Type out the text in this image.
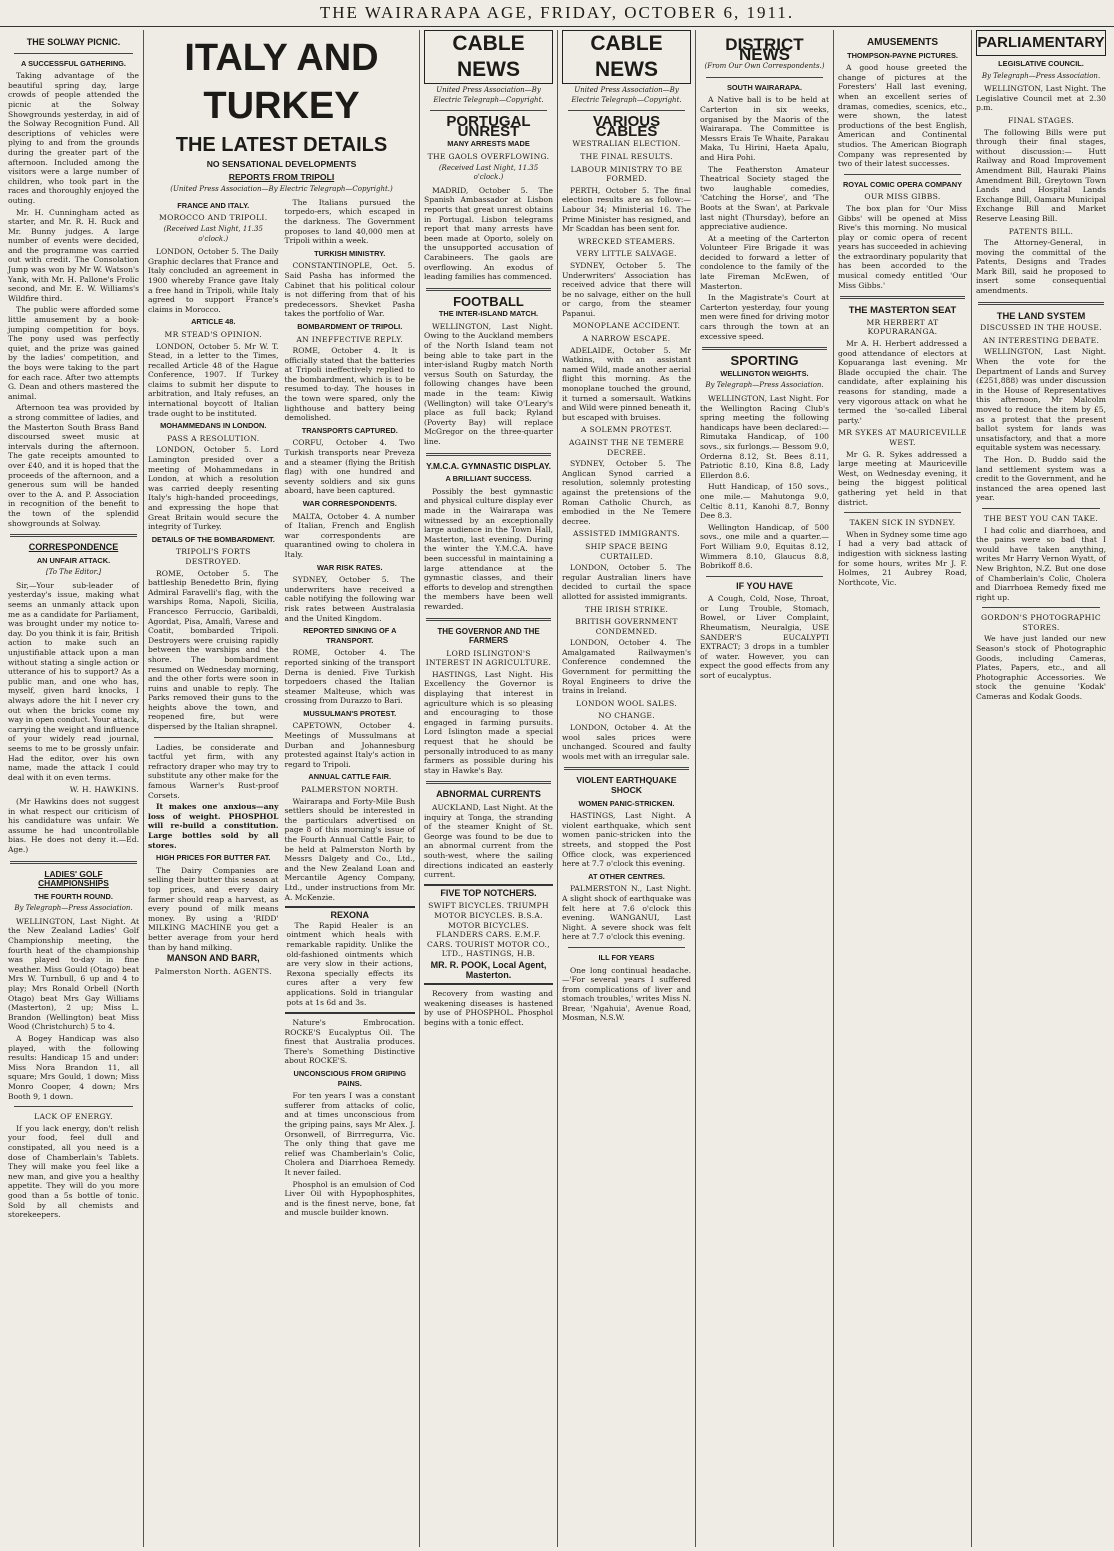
THE WAIRARAPA AGE, FRIDAY, OCTOBER 6, 1911.
THE SOLWAY PICNIC.
A SUCCESSFUL GATHERING.

Taking advantage of the beautiful spring day, large crowds of people attended the picnic at the Solway Showgrounds yesterday, in aid of the Solway Recognition Fund. All descriptions of vehicles were plying to and from the grounds during the greater part of the afternoon. Included among the visitors were a large number of children, who took part in the races and thoroughly enjoyed the outing.

Mr. H. Cunningham acted as starter, and Mr. R. H. Ruck and Mr. Bunny judges. A large number of events were decided, and the programme was carried out with credit. The Consolation Jump was won by Mr W. Watson's Yank, with Mr. H. Pallone's Frolic second, and Mr. E. W. Williams's Wildfire third.

The public were afforded some little amusement by a book-jumping competition for boys. The pony used was perfectly quiet, and the prize was gained by the ladies' competition, and the boys were taking to the part for each race. After two attempts G. Dean and others mastered the animal.

Afternoon tea was provided by a strong committee of ladies, and the Masterton South Brass Band discoursed sweet music at intervals during the afternoon. The gate receipts amounted to over £40, and it is hoped that the proceeds of the afternoon, and a generous sum will be handed over to the A. and P. Association in recognition of the benefit to the town of the splendid showgrounds at Solway.

CORRESPONDENCE
AN UNFAIR ATTACK.
[To The Editor.]

Sir,—Your sub-leader of yesterday's issue, making what seems an unmanly attack upon me as a candidate for Parliament, was brought under my notice to-day. Do you think it is fair, British action to make such an unjustifiable attack upon a man without stating a single action or utterance of his to support? As a public man, and one who has, myself, given hard knocks, I always adore the hit I never cry out when the bricks come my way in open conduct. Your attack, carrying the weight and influence of your widely read journal, seems to me to be grossly unfair. Had the editor, over his own name, made the attack I could deal with it on even terms.

W. H. HAWKINS.

(Mr Hawkins does not suggest in what respect our criticism of his candidature was unfair. We assume he had uncontrollable bias. He does not deny it.—Ed. Age.)

LADIES' GOLF CHAMPIONSHIPS
THE FOURTH ROUND.
By Telegraph—Press Association.

WELLINGTON, Last Night. At the New Zealand Ladies' Golf Championship meeting, the fourth heat of the championship was played to-day in fine weather. Miss Gould (Otago) beat Mrs W. Turnbull, 6 up and 4 to play; Mrs Ronald Orbell (North Otago) beat Mrs Gay Williams (Masterton), 2 up; Miss L. Brandon (Wellington) beat Miss Wood (Christchurch) 5 to 4.

A Bogey Handicap was also played, with the following results: Handicap 15 and under: Miss Nora Brandon 11, all square; Mrs Gould, 1 down; Miss Monro Cooper, 4 down; Mrs Booth 9, 1 down.

LACK OF ENERGY.

If you lack energy, don't relish your food, feel dull and constipated, all you need is a dose of Chamberlain's Tablets. They will make you feel like a new man, and give you a healthy appetite. They will do you more good than a 5s bottle of tonic. Sold by all chemists and storekeepers.

ITALY AND TURKEY
THE LATEST DETAILS
NO SENSATIONAL DEVELOPMENTS
REPORTS FROM TRIPOLI
(United Press Association—By Electric Telegraph—Copyright.)
FRANCE AND ITALY.
MOROCCO AND TRIPOLI.
(Received Last Night, 11.35 o'clock.)

LONDON, October 5. The Daily Graphic declares that France and Italy concluded an agreement in 1900 whereby France gave Italy a free hand in Tripoli, while Italy agreed to support France's claims in Morocco.

ARTICLE 48.
MR STEAD'S OPINION.

LONDON, October 5. Mr W. T. Stead, in a letter to the Times, recalled Article 48 of the Hague Conference, 1907. If Turkey claims to submit her dispute to arbitration, and Italy refuses, an international boycott of Italian trade ought to be instituted.

MOHAMMEDANS IN LONDON.
PASS A RESOLUTION.

LONDON, October 5. Lord Lamington presided over a meeting of Mohammedans in London, at which a resolution was carried deeply resenting Italy's high-handed proceedings, and expressing the hope that Great Britain would secure the integrity of Turkey.

DETAILS OF THE BOMBARDMENT.
TRIPOLI'S FORTS DESTROYED.

ROME, October 5. The battleship Benedetto Brin, flying Admiral Faravelli's flag, with the warships Roma, Napoli, Sicilia, Francesco Ferruccio, Garibaldi, Agordat, Pisa, Amalfi, Varese and Coatit, bombarded Tripoli. Destroyers were cruising rapidly between the warships and the shore. The bombardment resumed on Wednesday morning, and the other forts were soon in ruins and unable to reply. The Parks removed their guns to the heights above the town, and reopened fire, but were dispersed by the Italian shrapnel.

Ladies, be considerate and tactful yet firm, with any refractory draper who may try to substitute any other make for the famous Warner's Rust-proof Corsets.

It makes one anxious—any loss of weight. PHOSPHOL will re-build a constitution. Large bottles sold by all stores.

HIGH PRICES FOR BUTTER FAT.

The Dairy Companies are selling their butter this season at top prices, and every dairy farmer should reap a harvest, as every pound of milk means money. By using a 'RIDD' MILKING MACHINE you get a better average from your herd than by hand milking.

MANSON AND BARR,
Palmerston North. AGENTS.

The Italians pursued the torpedo-ers, which escaped in the darkness. The Government proposes to land 40,000 men at Tripoli within a week.

TURKISH MINISTRY.

CONSTANTINOPLE, Oct. 5. Said Pasha has informed the Cabinet that his political colour is not differing from that of his predecessors. Shevket Pasha takes the portfolio of War.

BOMBARDMENT OF TRIPOLI.
AN INEFFECTIVE REPLY.

ROME, October 4. It is officially stated that the batteries at Tripoli ineffectively replied to the bombardment, which is to be resumed to-day. The houses in the town were spared, only the lighthouse and battery being demolished.

TRANSPORTS CAPTURED.

CORFU, October 4. Two Turkish transports near Preveza and a steamer (flying the British flag) with one hundred and seventy soldiers and six guns aboard, have been captured.

WAR CORRESPONDENTS.

MALTA, October 4. A number of Italian, French and English war correspondents are quarantined owing to cholera in Italy.

WAR RISK RATES.

SYDNEY, October 5. The underwriters have received a cable notifying the following war risk rates between Australasia and the United Kingdom.

REPORTED SINKING OF A TRANSPORT.

ROME, October 4. The reported sinking of the transport Derna is denied. Five Turkish torpedoers chased the Italian steamer Malteuse, which was crossing from Durazzo to Bari.

MUSSULMAN'S PROTEST.

CAPETOWN, October 4. Meetings of Mussulmans at Durban and Johannesburg protested against Italy's action in regard to Tripoli.

ANNUAL CATTLE FAIR.
PALMERSTON NORTH.

Wairarapa and Forty-Mile Bush settlers should be interested in the particulars advertised on page 8 of this morning's issue of the Fourth Annual Cattle Fair, to be held at Palmerston North by Messrs Dalgety and Co., Ltd., and the New Zealand Loan and Mercantile Agency Company, Ltd., under instructions from Mr. A. McKenzie.

REXONA

The Rapid Healer is an ointment which heals with remarkable rapidity. Unlike the old-fashioned ointments which are very slow in their actions, Rexona specially effects its cures after a very few applications. Sold in triangular pots at 1s 6d and 3s.

Nature's Embrocation. ROCKE'S Eucalyptus Oil. The finest that Australia produces. There's Something Distinctive about ROCKE'S.

UNCONSCIOUS FROM GRIPING PAINS.

For ten years I was a constant sufferer from attacks of colic, and at times unconscious from the griping pains, says Mr Alex. J. Orsonwell, of Birrregurra, Vic. The only thing that gave me relief was Chamberlain's Colic, Cholera and Diarrhoea Remedy. It never failed.

Phosphol is an emulsion of Cod Liver Oil with Hypophosphites, and is the finest nerve, bone, fat and muscle builder known.

CABLE NEWS
United Press Association—By Electric Telegraph—Copyright.
PORTUGAL UNREST
MANY ARRESTS MADE
THE GAOLS OVERFLOWING.
(Received Last Night, 11.35 o'clock.)

MADRID, October 5. The Spanish Ambassador at Lisbon reports that great unrest obtains in Portugal. Lisbon telegrams report that many arrests have been made at Oporto, solely on the unsupported accusation of Carabineers. The gaols are overflowing. An exodus of leading families has commenced.

FOOTBALL
THE INTER-ISLAND MATCH.

WELLINGTON, Last Night. Owing to the Auckland members of the North Island team not being able to take part in the inter-island Rugby match North versus South on Saturday, the following changes have been made in the team: Kiwig (Wellington) will take O'Leary's place as full back; Ryland (Poverty Bay) will replace McGregor on the three-quarter line.

Y.M.C.A. GYMNASTIC DISPLAY.
A BRILLIANT SUCCESS.

Possibly the best gymnastic and physical culture display ever made in the Wairarapa was witnessed by an exceptionally large audience in the Town Hall, Masterton, last evening. During the winter the Y.M.C.A. have been successful in maintaining a large attendance at the gymnastic classes, and their efforts to develop and strengthen the members have been well rewarded.

THE GOVERNOR AND THE FARMERS
LORD ISLINGTON'S INTEREST IN AGRICULTURE.

HASTINGS, Last Night. His Excellency the Governor is displaying that interest in agriculture which is so pleasing and encouraging to those engaged in farming pursuits. Lord Islington made a special request that he should be personally introduced to as many farmers as possible during his stay in Hawke's Bay.

ABNORMAL CURRENTS

AUCKLAND, Last Night. At the inquiry at Tonga, the stranding of the steamer Knight of St. George was found to be due to an abnormal current from the south-west, where the sailing directions indicated an easterly current.

FIVE TOP NOTCHERS.
SWIFT BICYCLES. TRIUMPH MOTOR BICYCLES. B.S.A. MOTOR BICYCLES. FLANDERS CARS. E.M.F. CARS. TOURIST MOTOR CO., LTD., HASTINGS, H.B.
MR. R. POOK, Local Agent, Masterton.

Recovery from wasting and weakening diseases is hastened by use of PHOSPHOL. Phosphol begins with a tonic effect.

CABLE NEWS
United Press Association—By Electric Telegraph—Copyright.
VARIOUS CABLES
WESTRALIAN ELECTION.
THE FINAL RESULTS.
LABOUR MINISTRY TO BE FORMED.

PERTH, October 5. The final election results are as follow:— Labour 34; Ministerial 16. The Prime Minister has resigned, and Mr Scaddan has been sent for.

WRECKED STEAMERS.
VERY LITTLE SALVAGE.

SYDNEY, October 5. The Underwriters' Association has received advice that there will be no salvage, either on the hull or cargo, from the steamer Papanui.

MONOPLANE ACCIDENT.
A NARROW ESCAPE.

ADELAIDE, October 5. Mr Watkins, with an assistant named Wild, made another aerial flight this morning. As the monoplane touched the ground, it turned a somersault. Watkins and Wild were pinned beneath it, but escaped with bruises.

A SOLEMN PROTEST.
AGAINST THE NE TEMERE DECREE.

SYDNEY, October 5. The Anglican Synod carried a resolution, solemnly protesting against the pretensions of the Roman Catholic Church, as embodied in the Ne Temere decree.

ASSISTED IMMIGRANTS.
SHIP SPACE BEING CURTAILED.

LONDON, October 5. The regular Australian liners have decided to curtail the space allotted for assisted immigrants.

THE IRISH STRIKE.
BRITISH GOVERNMENT CONDEMNED.

LONDON, October 4. The Amalgamated Railwaymen's Conference condemned the Government for permitting the Royal Engineers to drive the trains in Ireland.

LONDON WOOL SALES.
NO CHANGE.

LONDON, October 4. At the wool sales prices were unchanged. Scoured and faulty wools met with an irregular sale.

VIOLENT EARTHQUAKE SHOCK
WOMEN PANIC-STRICKEN.

HASTINGS, Last Night. A violent earthquake, which sent women panic-stricken into the streets, and stopped the Post Office clock, was experienced here at 7.7 o'clock this evening.

AT OTHER CENTRES.

PALMERSTON N., Last Night. A slight shock of earthquake was felt here at 7.6 o'clock this evening. WANGANUI, Last Night. A severe shock was felt here at 7.7 o'clock this evening.

ILL FOR YEARS

One long continual headache.—'For several years I suffered from complications of liver and stomach troubles,' writes Miss N. Brear, 'Ngahuia', Avenue Road, Mosman, N.S.W.

DISTRICT NEWS
(From Our Own Correspondents.)
SOUTH WAIRARAPA.

A Native ball is to be held at Carterton in six weeks, organised by the Maoris of the Wairarapa. The Committee is Messrs Erais Te Whaite, Parakau Maka, Tu Hirini, Haeta Apalu, and Hira Pohi.

The Featherston Amateur Theatrical Society staged the two laughable comedies, 'Catching the Horse', and 'The Boots at the Swan', at Parkvale last night (Thursday), before an appreciative audience.

At a meeting of the Carterton Volunteer Fire Brigade it was decided to forward a letter of condolence to the family of the late Fireman McEwen, of Masterton.

In the Magistrate's Court at Carterton yesterday, four young men were fined for driving motor cars through the town at an excessive speed.

SPORTING
WELLINGTON WEIGHTS.
By Telegraph—Press Association.

WELLINGTON, Last Night. For the Wellington Racing Club's spring meeting the following handicaps have been declared:— Rimutaka Handicap, of 100 sovs., six furlongs.— Bessom 9.0, Orderna 8.12, St. Bees 8.11, Patriotic 8.10, Kina 8.8, Lady Ellerdon 8.6.

Hutt Handicap, of 150 sovs., one mile.— Mahutonga 9.0, Celtic 8.11, Kanohi 8.7, Bonny Dee 8.3.

Wellington Handicap, of 500 sovs., one mile and a quarter.— Fort William 9.0, Equitas 8.12, Wimmera 8.10, Glaucus 8.8, Bobrikoff 8.6.

IF YOU HAVE

A Cough, Cold, Nose, Throat, or Lung Trouble, Stomach, Bowel, or Liver Complaint, Rheumatism, Neuralgia, USE SANDER'S EUCALYPTI EXTRACT; 3 drops in a tumbler of water. However, you can expect the good effects from any sort of eucalyptus.

AMUSEMENTS
THOMPSON-PAYNE PICTURES.

A good house greeted the change of pictures at the Foresters' Hall last evening, when an excellent series of dramas, comedies, scenics, etc., were shown, the latest productions of the best English, American and Continental studios. The American Biograph Company was represented by two of their latest successes.

ROYAL COMIC OPERA COMPANY
OUR MISS GIBBS.

The box plan for 'Our Miss Gibbs' will be opened at Miss Rive's this morning. No musical play or comic opera of recent years has succeeded in achieving the extraordinary popularity that has been accorded to the musical comedy entitled 'Our Miss Gibbs.'

THE MASTERTON SEAT
MR HERBERT AT KOPURARANGA.

Mr A. H. Herbert addressed a good attendance of electors at Kopuaranga last evening. Mr Blade occupied the chair. The candidate, after explaining his reasons for standing, made a very vigorous attack on what he termed the 'so-called Liberal party.'

MR SYKES AT MAURICEVILLE WEST.

Mr G. R. Sykes addressed a large meeting at Mauriceville West, on Wednesday evening, it being the biggest political gathering yet held in that district.

TAKEN SICK IN SYDNEY.

When in Sydney some time ago I had a very bad attack of indigestion with sickness lasting for some hours, writes Mr J. F. Holmes, 21 Aubrey Road, Northcote, Vic.

PARLIAMENTARY
LEGISLATIVE COUNCIL.
By Telegraph—Press Association.

WELLINGTON, Last Night. The Legislative Council met at 2.30 p.m.

FINAL STAGES.

The following Bills were put through their final stages, without discussion:— Hutt Railway and Road Improvement Amendment Bill, Hauraki Plains Amendment Bill, Greytown Town Lands and Hospital Lands Exchange Bill, Oamaru Municipal Exchange Bill and Market Reserve Leasing Bill.

PATENTS BILL.

The Attorney-General, in moving the committal of the Patents, Designs and Trades Mark Bill, said he proposed to insert some consequential amendments.

THE LAND SYSTEM
DISCUSSED IN THE HOUSE.
AN INTERESTING DEBATE.

WELLINGTON, Last Night. When the vote for the Department of Lands and Survey (£251,888) was under discussion in the House of Representatives this afternoon, Mr Malcolm moved to reduce the item by £5, as a protest that the present ballot system for lands was unsatisfactory, and that a more equitable system was necessary.

The Hon. D. Buddo said the land settlement system was a credit to the Government, and he instanced the area opened last year.

THE BEST YOU CAN TAKE.

I had colic and diarrhoea, and the pains were so bad that I would have taken anything, writes Mr Harry Vernon Wyatt, of New Brighton, N.Z. But one dose of Chamberlain's Colic, Cholera and Diarrhoea Remedy fixed me right up.

GORDON'S PHOTOGRAPHIC STORES.

We have just landed our new Season's stock of Photographic Goods, including Cameras, Plates, Papers, etc., and all Photographic Accessories. We stock the genuine 'Kodak' Cameras and Kodak Goods.
